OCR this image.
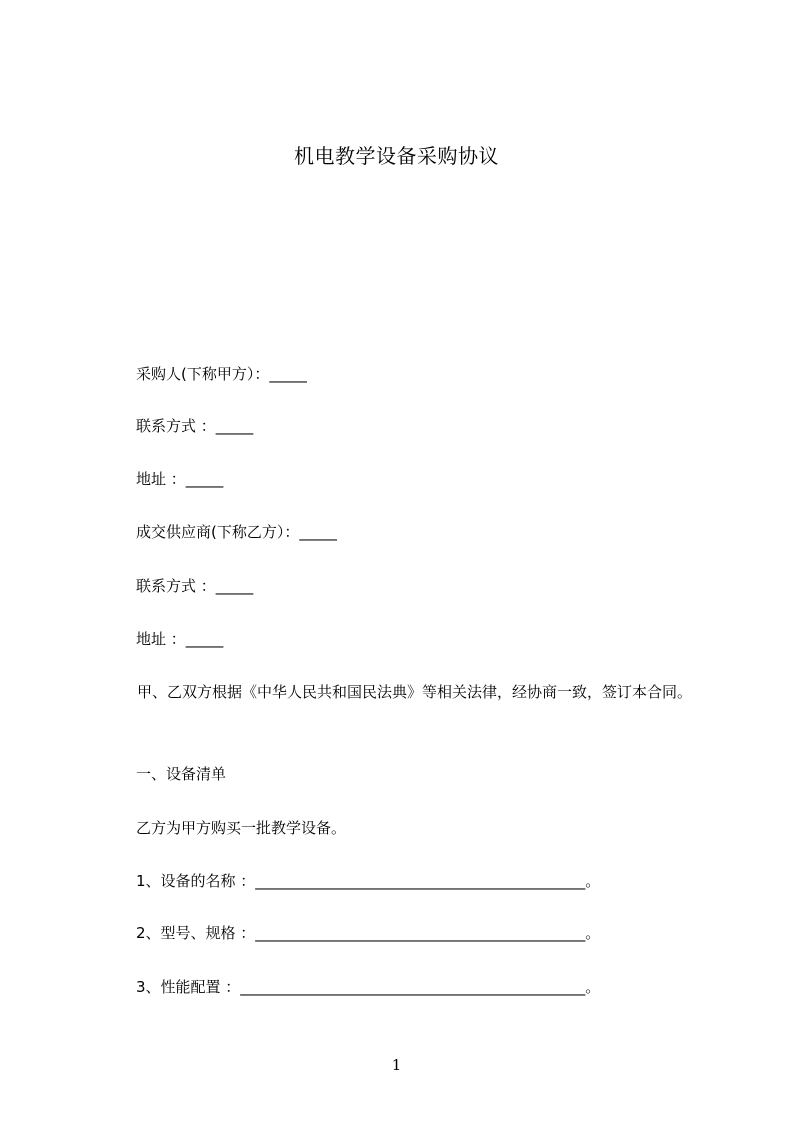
机电教学设备采购协议
采购人(下称甲方）：_____
联系方式 ：_____
地址 ：_____
成交供应商(下称乙方）：_____
联系方式 ：_____
地址 ：_____
甲、乙双方根据《中华人民共和国民法典》等相关法律，经协商一致，签订本合同。
一、设备清单
乙方为甲方购买一批教学设备。
1、设备的名称 ：____________________________________________。
2、型号、规格 ：____________________________________________。
3、性能配置 ：______________________________________________。
1
